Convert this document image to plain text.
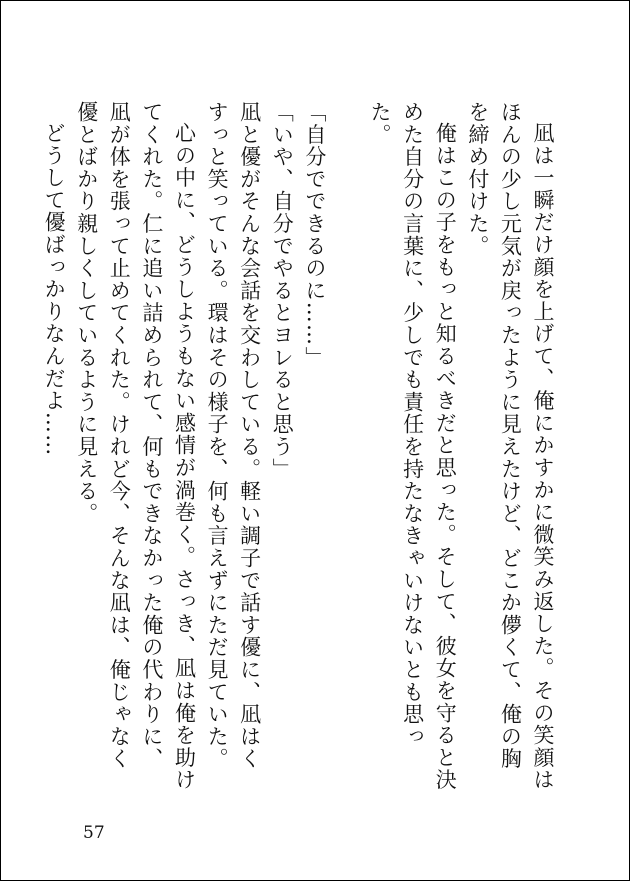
凪は一瞬だけ顔を上げて、俺にかすかに微笑み返した。その笑顔はほんの少し元気が戻ったように見えたけど、どこか儚くて、俺の胸を締め付けた。

俺はこの子をもっと知るべきだと思った。そして、彼女を守ると決めた自分の言葉に、少しでも責任を持たなきゃいけないとも思った。

「自分でできるのに……」

「いや、自分でやるとヨレると思う」

凪と優がそんな会話を交わしている。軽い調子で話す優に、凪はくすっと笑っている。環はその様子を、何も言えずにただ見ていた。

心の中に、どうしようもない感情が渦巻く。さっき、凪は俺を助けてくれた。仁に追い詰められて、何もできなかった俺の代わりに、凪が体を張って止めてくれた。けれど今、そんな凪は、俺じゃなく優とばかり親しくしているように見える。

どうして優ばっかりなんだよ……

57
